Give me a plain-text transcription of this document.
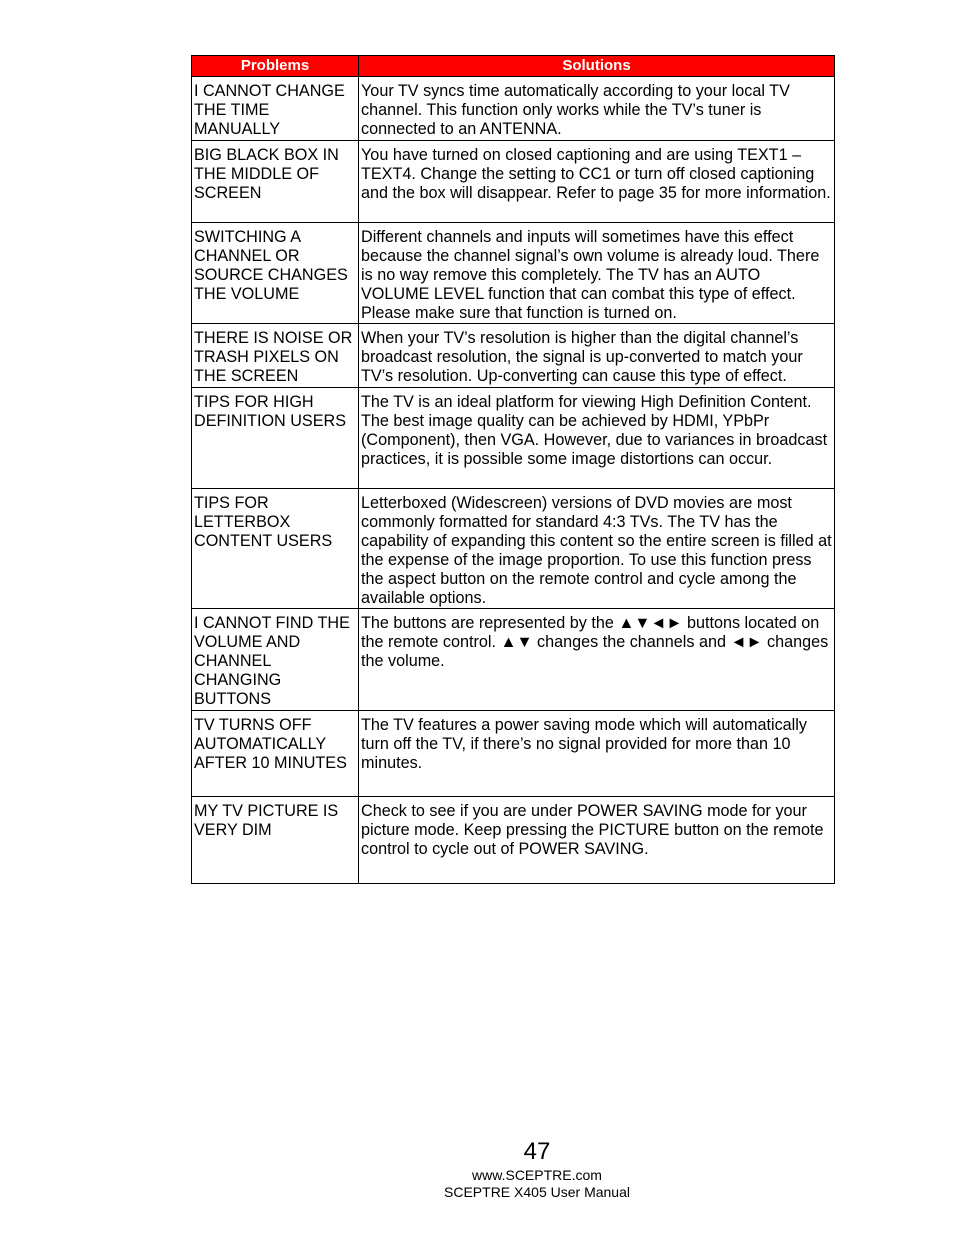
Problems	Solutions
I CANNOT CHANGE THE TIME MANUALLY	Your TV syncs time automatically according to your local TV channel. This function only works while the TV’s tuner is connected to an ANTENNA.
BIG BLACK BOX IN THE MIDDLE OF SCREEN	You have turned on closed captioning and are using TEXT1 – TEXT4. Change the setting to CC1 or turn off closed captioning and the box will disappear. Refer to page 35 for more information.
SWITCHING A CHANNEL OR SOURCE CHANGES THE VOLUME	Different channels and inputs will sometimes have this effect because the channel signal’s own volume is already loud. There is no way remove this completely. The TV has an AUTO VOLUME LEVEL function that can combat this type of effect. Please make sure that function is turned on.
THERE IS NOISE OR TRASH PIXELS ON THE SCREEN	When your TV’s resolution is higher than the digital channel’s broadcast resolution, the signal is up-converted to match your TV’s resolution. Up-converting can cause this type of effect.
TIPS FOR HIGH DEFINITION USERS	The TV is an ideal platform for viewing High Definition Content. The best image quality can be achieved by HDMI, YPbPr (Component), then VGA. However, due to variances in broadcast practices, it is possible some image distortions can occur.
TIPS FOR LETTERBOX CONTENT USERS	Letterboxed (Widescreen) versions of DVD movies are most commonly formatted for standard 4:3 TVs. The TV has the capability of expanding this content so the entire screen is filled at the expense of the image proportion. To use this function press the aspect button on the remote control and cycle among the available options.
I CANNOT FIND THE VOLUME AND CHANNEL CHANGING BUTTONS	The buttons are represented by the ▲▼◄► buttons located on the remote control. ▲▼ changes the channels and ◄► changes the volume.
TV TURNS OFF AUTOMATICALLY AFTER 10 MINUTES	The TV features a power saving mode which will automatically turn off the TV, if there’s no signal provided for more than 10 minutes.
MY TV PICTURE IS VERY DIM	Check to see if you are under POWER SAVING mode for your picture mode. Keep pressing the PICTURE button on the remote control to cycle out of POWER SAVING.
47
www.SCEPTRE.com
SCEPTRE X405 User Manual
